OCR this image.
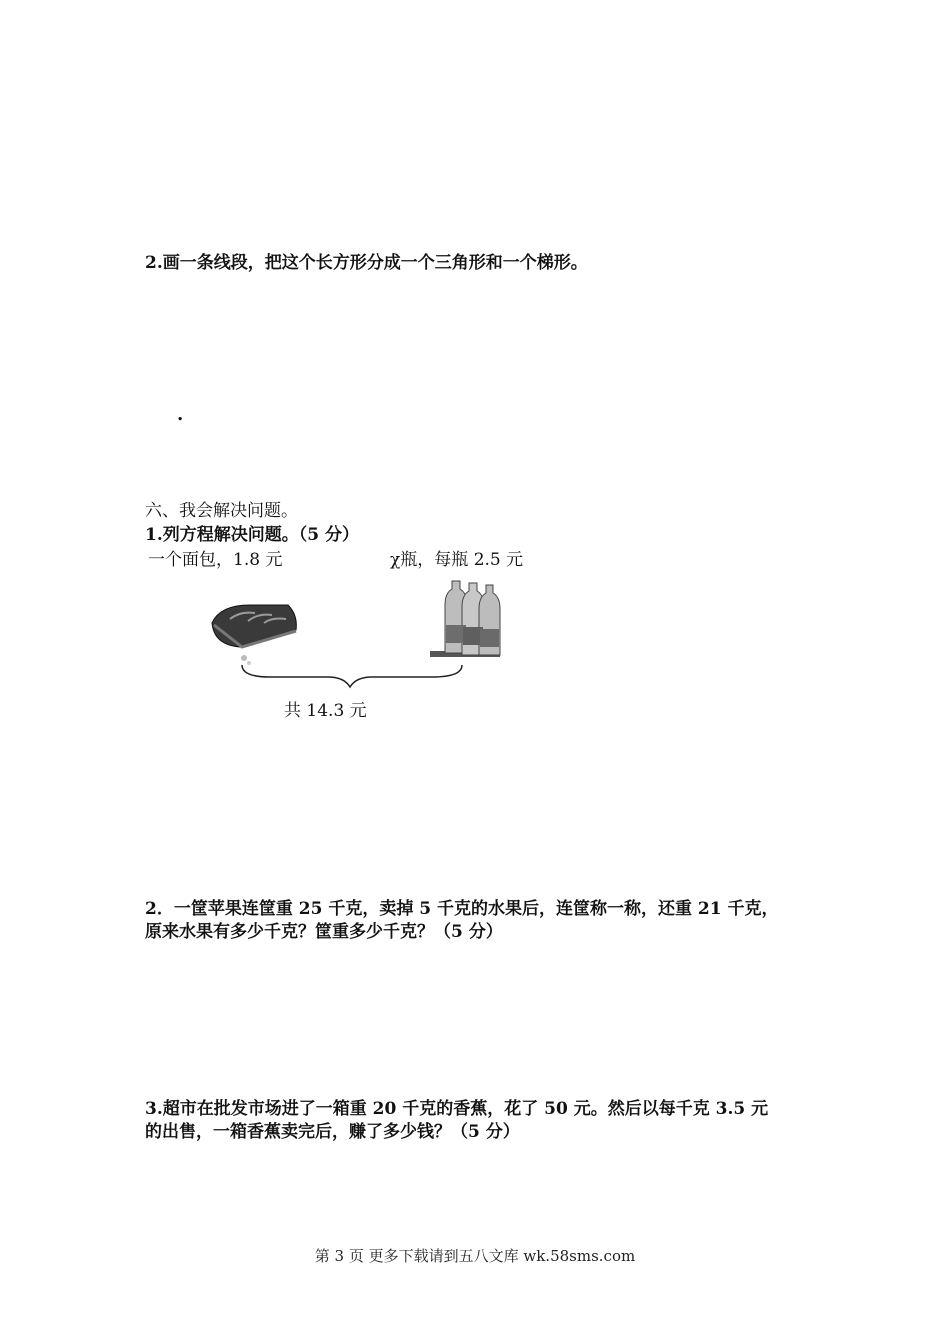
2.画一条线段，把这个长方形分成一个三角形和一个梯形。
.
六、我会解决问题。
1.列方程解决问题。（5 分）
一个面包，1.8 元	χ瓶，每瓶 2.5 元
共 14.3 元
2．一筐苹果连筐重 25 千克，卖掉 5 千克的水果后，连筐称一称，还重 21 千克，
原来水果有多少千克？筐重多少千克？（5 分）
3.超市在批发市场进了一箱重 20 千克的香蕉，花了 50 元。然后以每千克 3.5 元
的出售，一箱香蕉卖完后，赚了多少钱？（5 分）
第 3 页 更多下载请到五八文库 wk.58sms.com
